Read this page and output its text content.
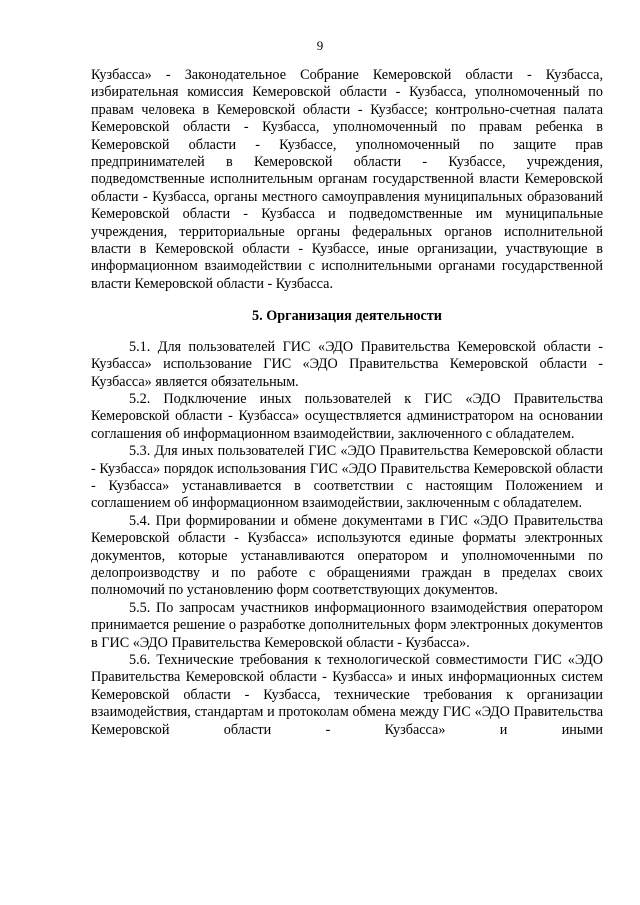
9

Кузбасса» - Законодательное Собрание Кемеровской области - Кузбасса, избирательная комиссия Кемеровской области - Кузбасса, уполномоченный по правам человека в Кемеровской области - Кузбассе; контрольно-счетная палата Кемеровской области - Кузбасса, уполномоченный по правам ребенка в Кемеровской области - Кузбассе, уполномоченный по защите прав предпринимателей в Кемеровской области - Кузбассе, учреждения, подведомственные исполнительным органам государственной власти Кемеровской области - Кузбасса, органы местного самоуправления муниципальных образований Кемеровской области - Кузбасса и подведомственные им муниципальные учреждения, территориальные органы федеральных органов исполнительной власти в Кемеровской области - Кузбассе, иные организации, участвующие в информационном взаимодействии с исполнительными органами государственной власти Кемеровской области - Кузбасса.

5. Организация деятельности

5.1. Для пользователей ГИС «ЭДО Правительства Кемеровской области - Кузбасса» использование ГИС «ЭДО Правительства Кемеровской области - Кузбасса» является обязательным.

5.2. Подключение иных пользователей к ГИС «ЭДО Правительства Кемеровской области - Кузбасса» осуществляется администратором на основании соглашения об информационном взаимодействии, заключенного с обладателем.

5.3. Для иных пользователей ГИС «ЭДО Правительства Кемеровской области - Кузбасса» порядок использования ГИС «ЭДО Правительства Кемеровской области - Кузбасса» устанавливается в соответствии с настоящим Положением и соглашением об информационном взаимодействии, заключенным с обладателем.

5.4. При формировании и обмене документами в ГИС «ЭДО Правительства Кемеровской области - Кузбасса» используются единые форматы электронных документов, которые устанавливаются оператором и уполномоченными по делопроизводству и по работе с обращениями граждан в пределах своих полномочий по установлению форм соответствующих документов.

5.5. По запросам участников информационного взаимодействия оператором принимается решение о разработке дополнительных форм электронных документов в ГИС «ЭДО Правительства Кемеровской области - Кузбасса».

5.6. Технические требования к технологической совместимости ГИС «ЭДО Правительства Кемеровской области - Кузбасса» и иных информационных систем Кемеровской области - Кузбасса, технические требования к организации взаимодействия, стандартам и протоколам обмена между ГИС «ЭДО Правительства Кемеровской области - Кузбасса» и иными
